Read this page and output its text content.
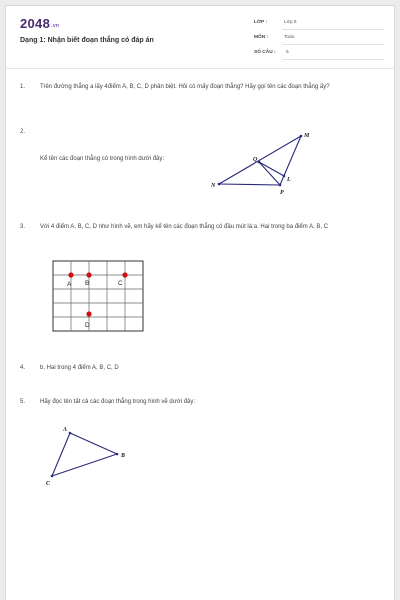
$2048^{.vn}$
Dạng 1: Nhận biết đoạn thẳng có đáp án
LỚP :	Lớp 6
MÔN :	Toán
SỐ CÂU : 5
1. Trên đường thẳng a lấy 4điểm A, B, C, D phân biệt. Hỏi có mấy đoạn thẳng? Hãy gọi tên các đoạn thẳng ấy?
2.
Kể tên các đoạn thẳng có trong hình dưới đây:
M
Q
L
N
P
3. Với 4 điểm A, B, C, D như hình vẽ, em hãy kể tên các đoạn thẳng có đầu mút là:a. Hai trong ba điểm A, B, C
A B	C
D
4. b. Hai trong 4 điểm A, B, C, D
5. Hãy đọc tên tất cả các đoạn thẳng trong hình vẽ dưới đây:
A
B
C
